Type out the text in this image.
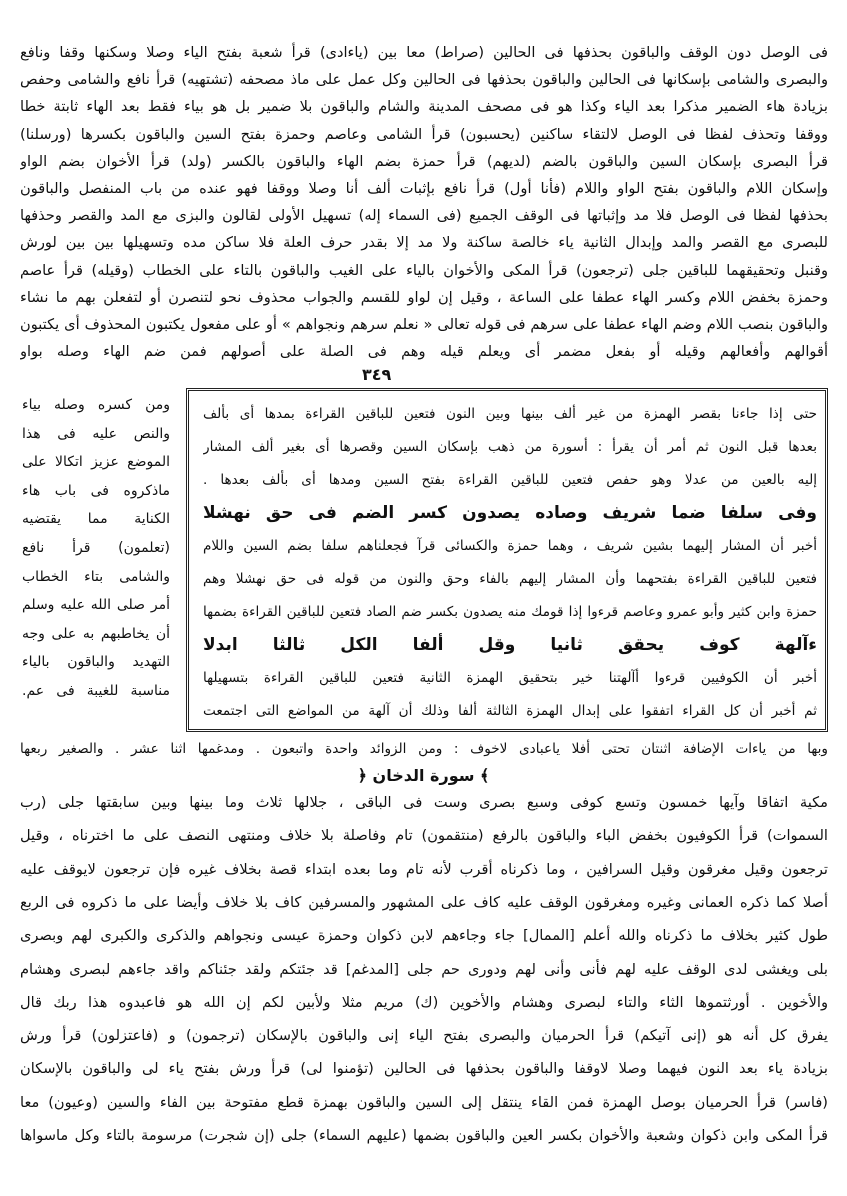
فى الوصل دون الوقف والباقون بحذفها فى الحالين (صراط) معا بين (ياءادى) قرأ شعبة بفتح الياء وصلا وسكنها وقفا ونافع
والبصرى والشامى بإسكانها فى الحالين والباقون بحذفها فى الحالين وكل عمل على ماذ مصحفه (تشتهيه) قرأ نافع والشامى وحفص
بزيادة هاء الضمير مذكرا بعد الياء وكذا هو فى مصحف المدينة والشام والباقون بلا ضمير بل هو بياء فقط بعد الهاء ثابتة خطا
ووقفا وتحذف لفظا فى الوصل لالتقاء ساكنين (يحسبون) قرأ الشامى وعاصم وحمزة بفتح السين والباقون بكسرها (ورسلنا)
قرأ البصرى بإسكان السين والباقون بالضم (لديهم) قرأ حمزة بضم الهاء والباقون بالكسر (ولد) قرأ الأخوان بضم الواو
وإسكان اللام والباقون بفتح الواو واللام (فأنا أول) قرأ نافع بإثبات ألف أنا وصلا ووقفا فهو عنده من باب المنفصل والباقون
بحذفها لفظا فى الوصل فلا مد وإثباتها فى الوقف الجميع (فى السماء إله) تسهيل الأولى لقالون والبزى مع المد والقصر وحذفها
للبصرى مع القصر والمد وإبدال الثانية ياء خالصة ساكنة ولا مد إلا بقدر حرف العلة فلا ساكن مده وتسهيلها بين بين لورش
وقنبل وتحقيقهما للباقين جلى (ترجعون) قرأ المكى والأخوان بالياء على الغيب والباقون بالتاء على الخطاب (وقيله) قرأ عاصم
وحمزة بخفض اللام وكسر الهاء عطفا على الساعة ، وقيل إن لواو للقسم والجواب محذوف نحو لتنصرن أو لتفعلن بهم ما نشاء
والباقون بنصب اللام وضم الهاء عطفا على سرهم فى قوله تعالى « نعلم سرهم ونجواهم » أو على مفعول يكتبون المحذوف أى يكتبون
أقوالهم وأفعالهم وقيله أو بفعل مضمر أى ويعلم قيله وهم فى الصلة على أصولهم فمن ضم الهاء وصله بواو
٣٤٩
ومن كسره وصله بياء
والنص عليه فى هذا
الموضع عزيز اتكالا على
ماذكروه فى باب هاء
الكناية مما يقتضيه
(تعلمون) قرأ نافع
والشامى بتاء الخطاب
أمر صلى الله عليه وسلم
أن يخاطبهم به على وجه
التهديد والباقون بالياء
مناسبة للغيبة فى عم.
حتى إذا جاءنا بقصر الهمزة من غير ألف بينها وبين النون فتعين للباقين القراءة بمدها أى بألف
بعدها قبل النون ثم أمر أن يقرأ : أسورة من ذهب بإسكان السين وقصرها أى بغير ألف المشار
إليه بالعين من عدلا وهو حفص فتعين للباقين القراءة بفتح السين ومدها أى بألف بعدها .
وفى سلفا ضما شريف وصاده يصدون كسر الضم فى حق نهشلا
أخبر أن المشار إليهما بشين شريف ، وهما حمزة والكسائى قرآ فجعلناهم سلفا بضم السين واللام
فتعين للباقين القراءة بفتحهما وأن المشار إليهم بالفاء وحق والنون من قوله فى حق نهشلا وهم
حمزة وابن كثير وأبو عمرو وعاصم قرءوا إذا قومك منه يصدون بكسر ضم الصاد فتعين للباقين القراءة بضمها
ءآلهة كوف يحقق ثانيا وقل ألفا الكل ثالثا ابدلا
أخبر أن الكوفيين قرءوا أآلهتنا خير بتحقيق الهمزة الثانية فتعين للباقين القراءة بتسهيلها
ثم أخبر أن كل القراء اتفقوا على إبدال الهمزة الثالثة ألفا وذلك أن آلهة من المواضع التى اجتمعت
وبها من ياءات الإضافة اثنتان تحتى أفلا ياعبادى لاخوف : ومن الزوائد واحدة واتبعون . ومدغمها اثنا عشر . والصغير ربعها
﴿ سورة الدخان ﴾
مكية اتفاقا وآيها خمسون وتسع كوفى وسبع بصرى وست فى الباقى ، جلالها ثلاث وما بينها وبين سابقتها جلى (رب
السموات) قرأ الكوفيون بخفض الباء والباقون بالرفع (منتقمون) تام وفاصلة بلا خلاف ومنتهى النصف على ما اخترناه ، وقيل
ترجعون وقيل مغرقون وقيل السرافين ، وما ذكرناه أقرب لأنه تام وما بعده ابتداء قصة بخلاف غيره فإن ترجعون لايوقف عليه
أصلا كما ذكره العمانى وغيره ومغرقون الوقف عليه كاف على المشهور والمسرفين كاف بلا خلاف وأيضا على ما ذكروه فى الربع
طول كثير بخلاف ما ذكرناه والله أعلم [الممال] جاء وجاءهم لابن ذكوان وحمزة عيسى ونجواهم والذكرى والكبرى لهم وبصرى
بلى ويغشى لدى الوقف عليه لهم فأنى وأنى لهم ودورى حم جلى [المدغم] قد جئتكم ولقد جئناكم واقد جاءهم لبصرى وهشام
والأخوين . أورثتموها الثاء والتاء لبصرى وهشام والأخوين (ك) مريم مثلا ولأبين لكم إن الله هو فاعبدوه هذا ربك قال
يفرق كل أنه هو (إنى آتيكم) قرأ الحرميان والبصرى بفتح الياء إنى والباقون بالإسكان (ترجمون) و (فاعتزلون) قرأ ورش
بزيادة ياء بعد النون فيهما وصلا لاوقفا والباقون بحذفها فى الحالين (تؤمنوا لى) قرأ ورش بفتح ياء لى والباقون بالإسكان
(فاسر) قرأ الحرميان بوصل الهمزة فمن القاء ينتقل إلى السين والباقون بهمزة قطع مفتوحة بين الفاء والسين (وعيون) معا
قرأ المكى وابن ذكوان وشعبة والأخوان بكسر العين والباقون بضمها (عليهم السماء) جلى (إن شجرت) مرسومة بالتاء وكل ماسواها
